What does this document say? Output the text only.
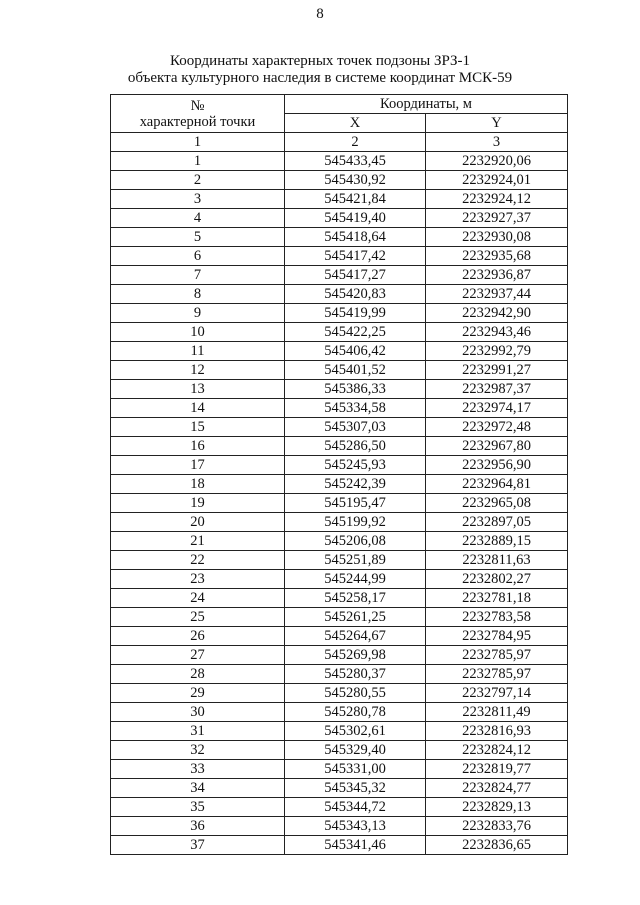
8
Координаты характерных точек подзоны ЗРЗ-1
объекта культурного наследия в системе координат МСК-59
№
характерной точки	Координаты, м	
	X	Y
1	2	3
1	545433,45	2232920,06
2	545430,92	2232924,01
3	545421,84	2232924,12
4	545419,40	2232927,37
5	545418,64	2232930,08
6	545417,42	2232935,68
7	545417,27	2232936,87
8	545420,83	2232937,44
9	545419,99	2232942,90
10	545422,25	2232943,46
11	545406,42	2232992,79
12	545401,52	2232991,27
13	545386,33	2232987,37
14	545334,58	2232974,17
15	545307,03	2232972,48
16	545286,50	2232967,80
17	545245,93	2232956,90
18	545242,39	2232964,81
19	545195,47	2232965,08
20	545199,92	2232897,05
21	545206,08	2232889,15
22	545251,89	2232811,63
23	545244,99	2232802,27
24	545258,17	2232781,18
25	545261,25	2232783,58
26	545264,67	2232784,95
27	545269,98	2232785,97
28	545280,37	2232785,97
29	545280,55	2232797,14
30	545280,78	2232811,49
31	545302,61	2232816,93
32	545329,40	2232824,12
33	545331,00	2232819,77
34	545345,32	2232824,77
35	545344,72	2232829,13
36	545343,13	2232833,76
37	545341,46	2232836,65
